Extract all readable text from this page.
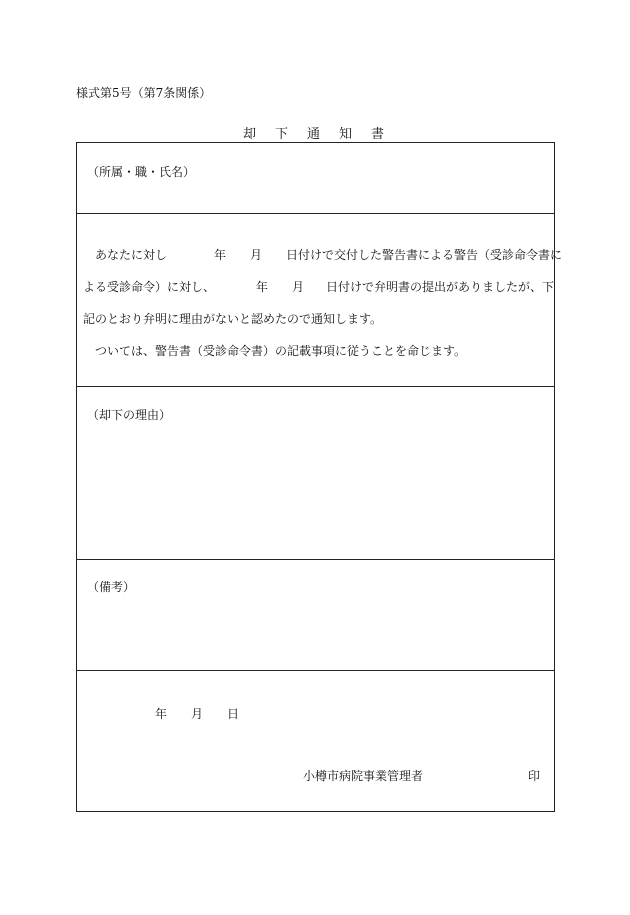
様式第5号（第7条関係）
却　下　通　知　書
（所属・職・氏名）
あなたに対し	年 月 日付けで交付した警告書による警告（受診命令書に
よる受診命令）に対し、	年 月 日付けで弁明書の提出がありましたが、下
記のとおり弁明に理由がないと認めたので通知します。
ついては、警告書（受診命令書）の記載事項に従うことを命じます。
（却下の理由）
（備考）
年 月 日
小樽市病院事業管理者	印
